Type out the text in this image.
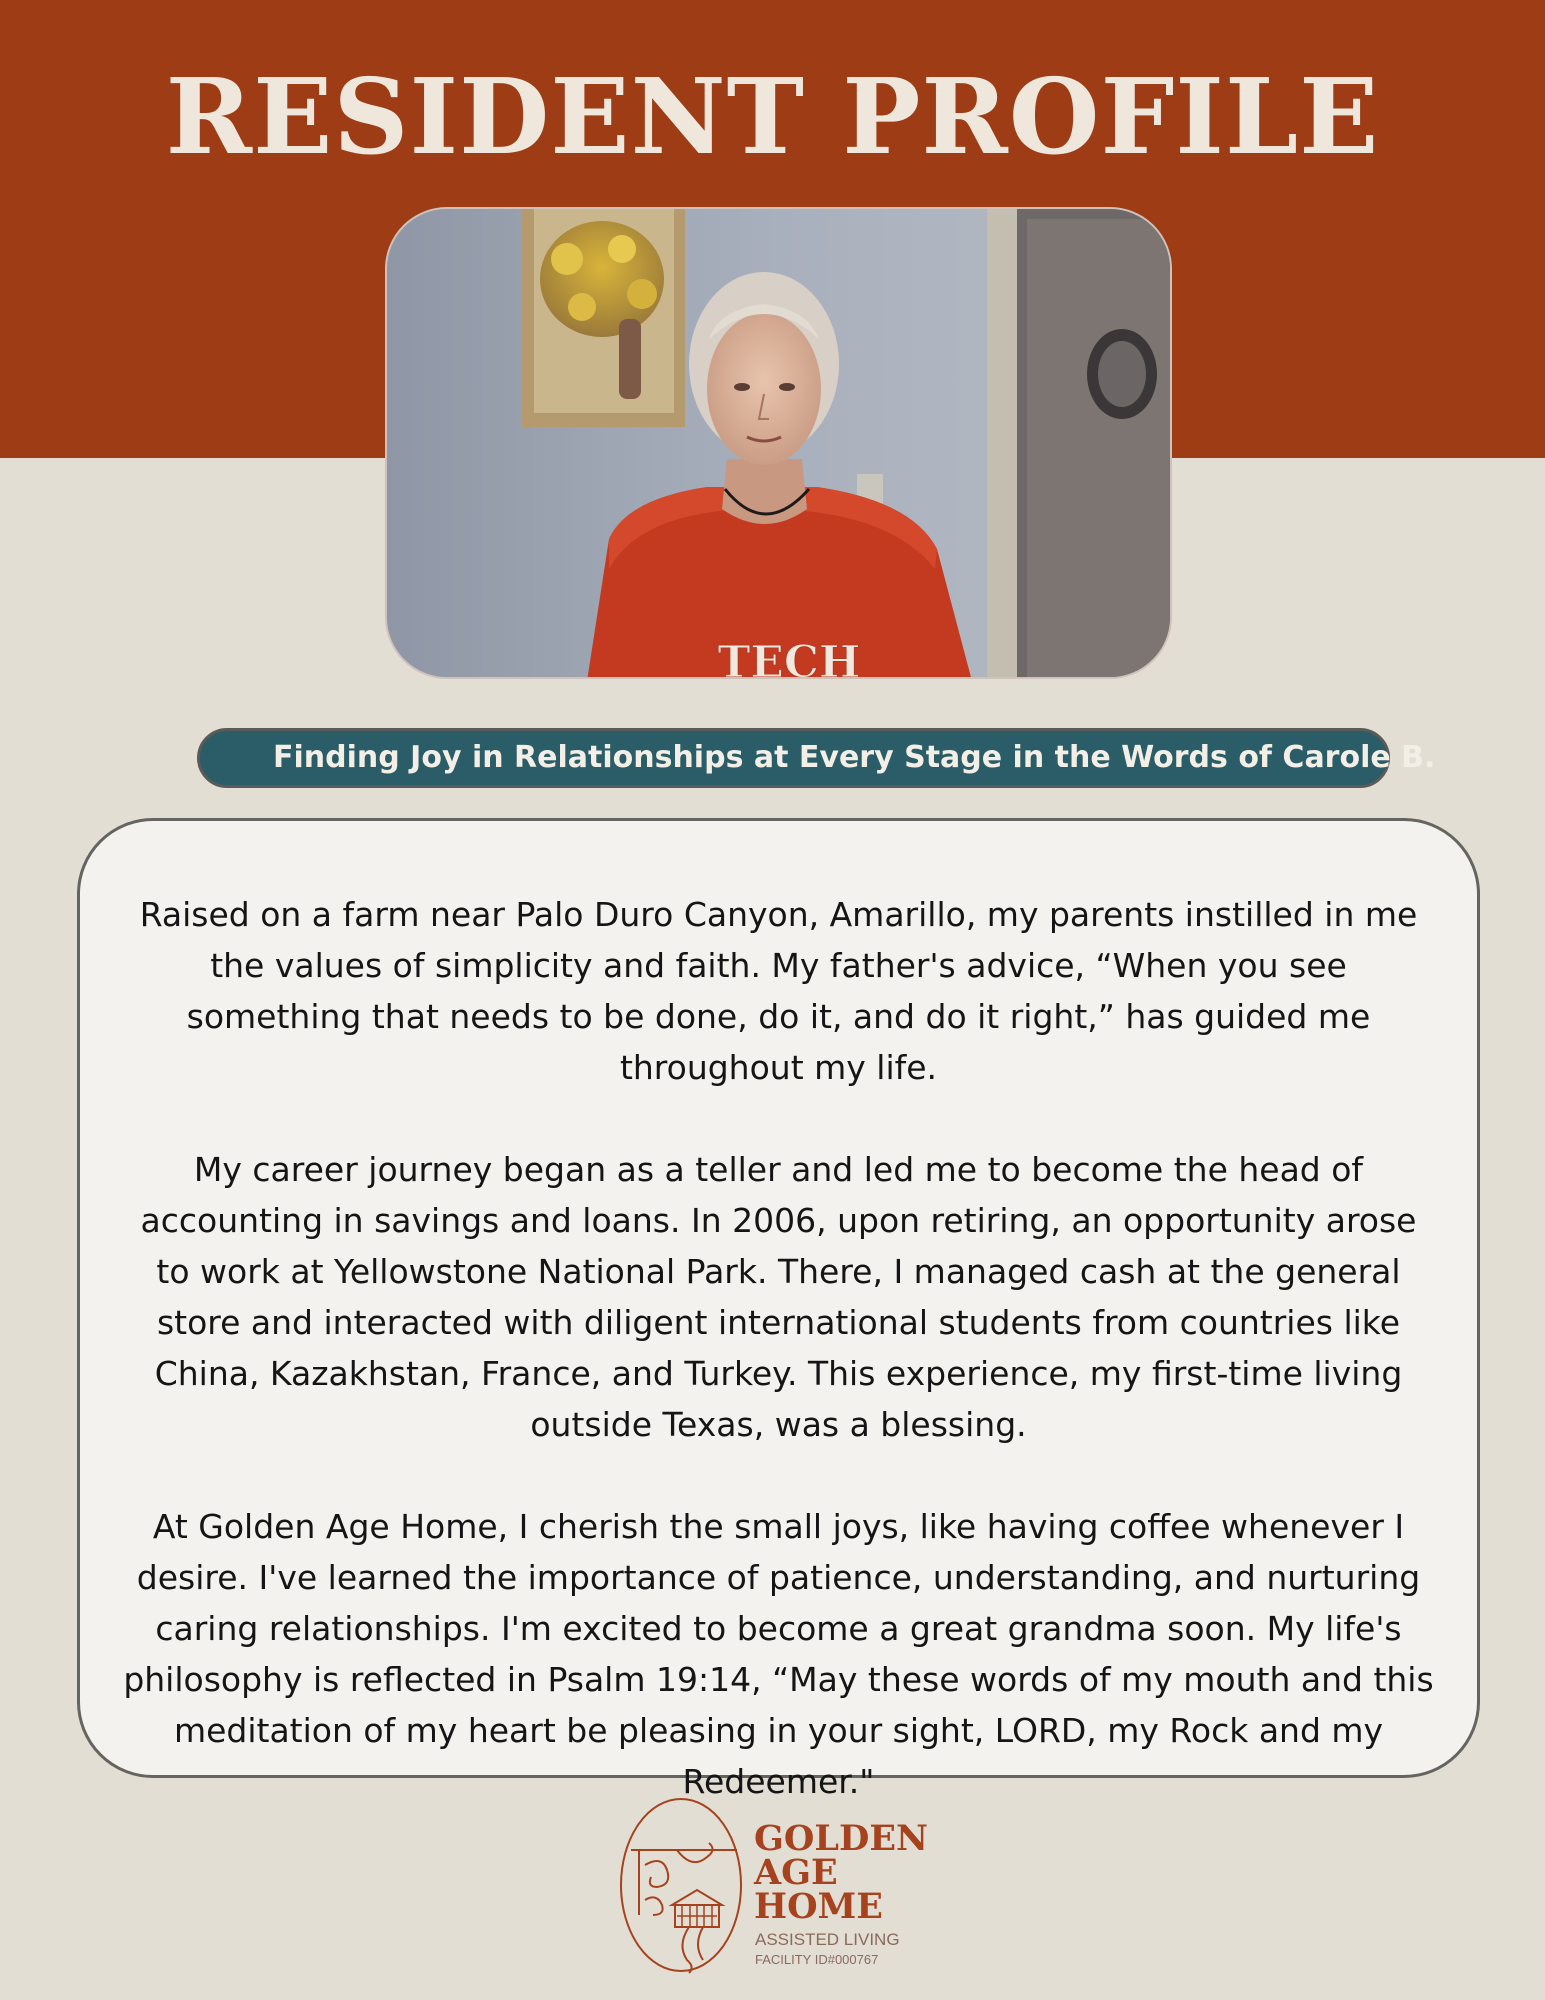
RESIDENT PROFILE
TECH
Finding Joy in Relationships at Every Stage in the Words of Carole B.

Raised on a farm near Palo Duro Canyon, Amarillo, my parents instilled in me the values of simplicity and faith. My father's advice, “When you see something that needs to be done, do it, and do it right,” has guided me throughout my life.

My career journey began as a teller and led me to become the head of accounting in savings and loans. In 2006, upon retiring, an opportunity arose to work at Yellowstone National Park. There, I managed cash at the general store and interacted with diligent international students from countries like China, Kazakhstan, France, and Turkey. This experience, my first-time living outside Texas, was a blessing.

At Golden Age Home, I cherish the small joys, like having coffee whenever I desire. I've learned the importance of patience, understanding, and nurturing caring relationships. I'm excited to become a great grandma soon. My life's philosophy is reflected in Psalm 19:14, “May these words of my mouth and this meditation of my heart be pleasing in your sight, LORD, my Rock and my Redeemer."

GOLDEN
AGE
HOME
ASSISTED LIVING
FACILITY ID#000767
